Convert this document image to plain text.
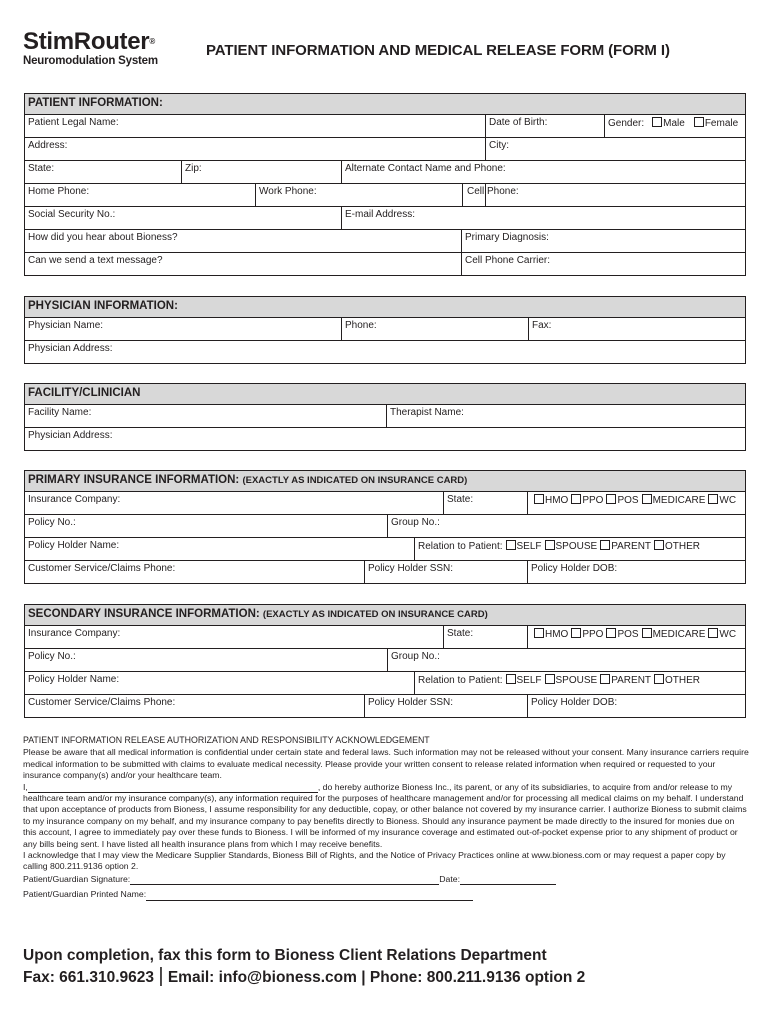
StimRouter®
Neuromodulation System
PATIENT INFORMATION AND MEDICAL RELEASE FORM (FORM I)
PATIENT INFORMATION:						
Patient Legal Name:					Date of Birth:	Gender: Male Female
Address:					City:	
State:	Zip:		Alternate Contact Name and Phone:			
Home Phone:		Work Phone:			Cell Phone:	
Social Security No.:			E-mail Address:			
How did you hear about Bioness?				Primary Diagnosis:		
Can we send a text message?				Cell Phone Carrier:		
PHYSICIAN INFORMATION:
Physician Name:	Phone:	Fax:
Physician Address:
FACILITY/CLINICIAN
Facility Name:	Therapist Name:
Physician Address:
PRIMARY INSURANCE INFORMATION: (EXACTLY AS INDICATED ON INSURANCE CARD)					
Insurance Company:				State:	HMO PPO POS MEDICARE WC
Policy No.:		Group No.:			
Policy Holder Name:			Relation to Patient: SELF SPOUSE PARENT OTHER		
Customer Service/Claims Phone:	Policy Holder SSN:				Policy Holder DOB:
SECONDARY INSURANCE INFORMATION: (EXACTLY AS INDICATED ON INSURANCE CARD)					
Insurance Company:				State:	HMO PPO POS MEDICARE WC
Policy No.:		Group No.:			
Policy Holder Name:			Relation to Patient: SELF SPOUSE PARENT OTHER		
Customer Service/Claims Phone:	Policy Holder SSN:				Policy Holder DOB:

PATIENT INFORMATION RELEASE AUTHORIZATION AND RESPONSIBILITY ACKNOWLEDGEMENT

Please be aware that all medical information is confidential under certain state and federal laws. Such information may not be released without your consent. Many insurance carriers require medical information to be submitted with claims to evaluate medical necessity. Please provide your written consent to release related information when required or requested to your insurance company(s) and/or your healthcare team.

I,	, do hereby authorize Bioness Inc., its parent, or any of its subsidiaries, to acquire from and/or release to my healthcare team and/or my insurance company(s), any information required for the purposes of healthcare management and/or for processing all medical claims on my behalf. I understand that upon acceptance of products from Bioness, I assume responsibility for any deductible, copay, or other balance not covered by my insurance carrier. I authorize Bioness to submit claims to my insurance company on my behalf, and my insurance company to pay benefits directly to Bioness. Should any insurance payment be made directly to the insured for monies due on this account, I agree to immediately pay over these funds to Bioness. I will be informed of my insurance coverage and estimated out-of-pocket expense prior to any shipment of product or any bills being sent. I have listed all health insurance plans from which I may receive benefits.

I acknowledge that I may view the Medicare Supplier Standards, Bioness Bill of Rights, and the Notice of Privacy Practices online at www.bioness.com or may request a paper copy by calling 800.211.9136 option 2.

Patient/Guardian Signature:	Date:

Patient/Guardian Printed Name:

Upon completion, fax this form to Bioness Client Relations Department
Fax: 661.310.9623 | Email: info@bioness.com | Phone: 800.211.9136 option 2
